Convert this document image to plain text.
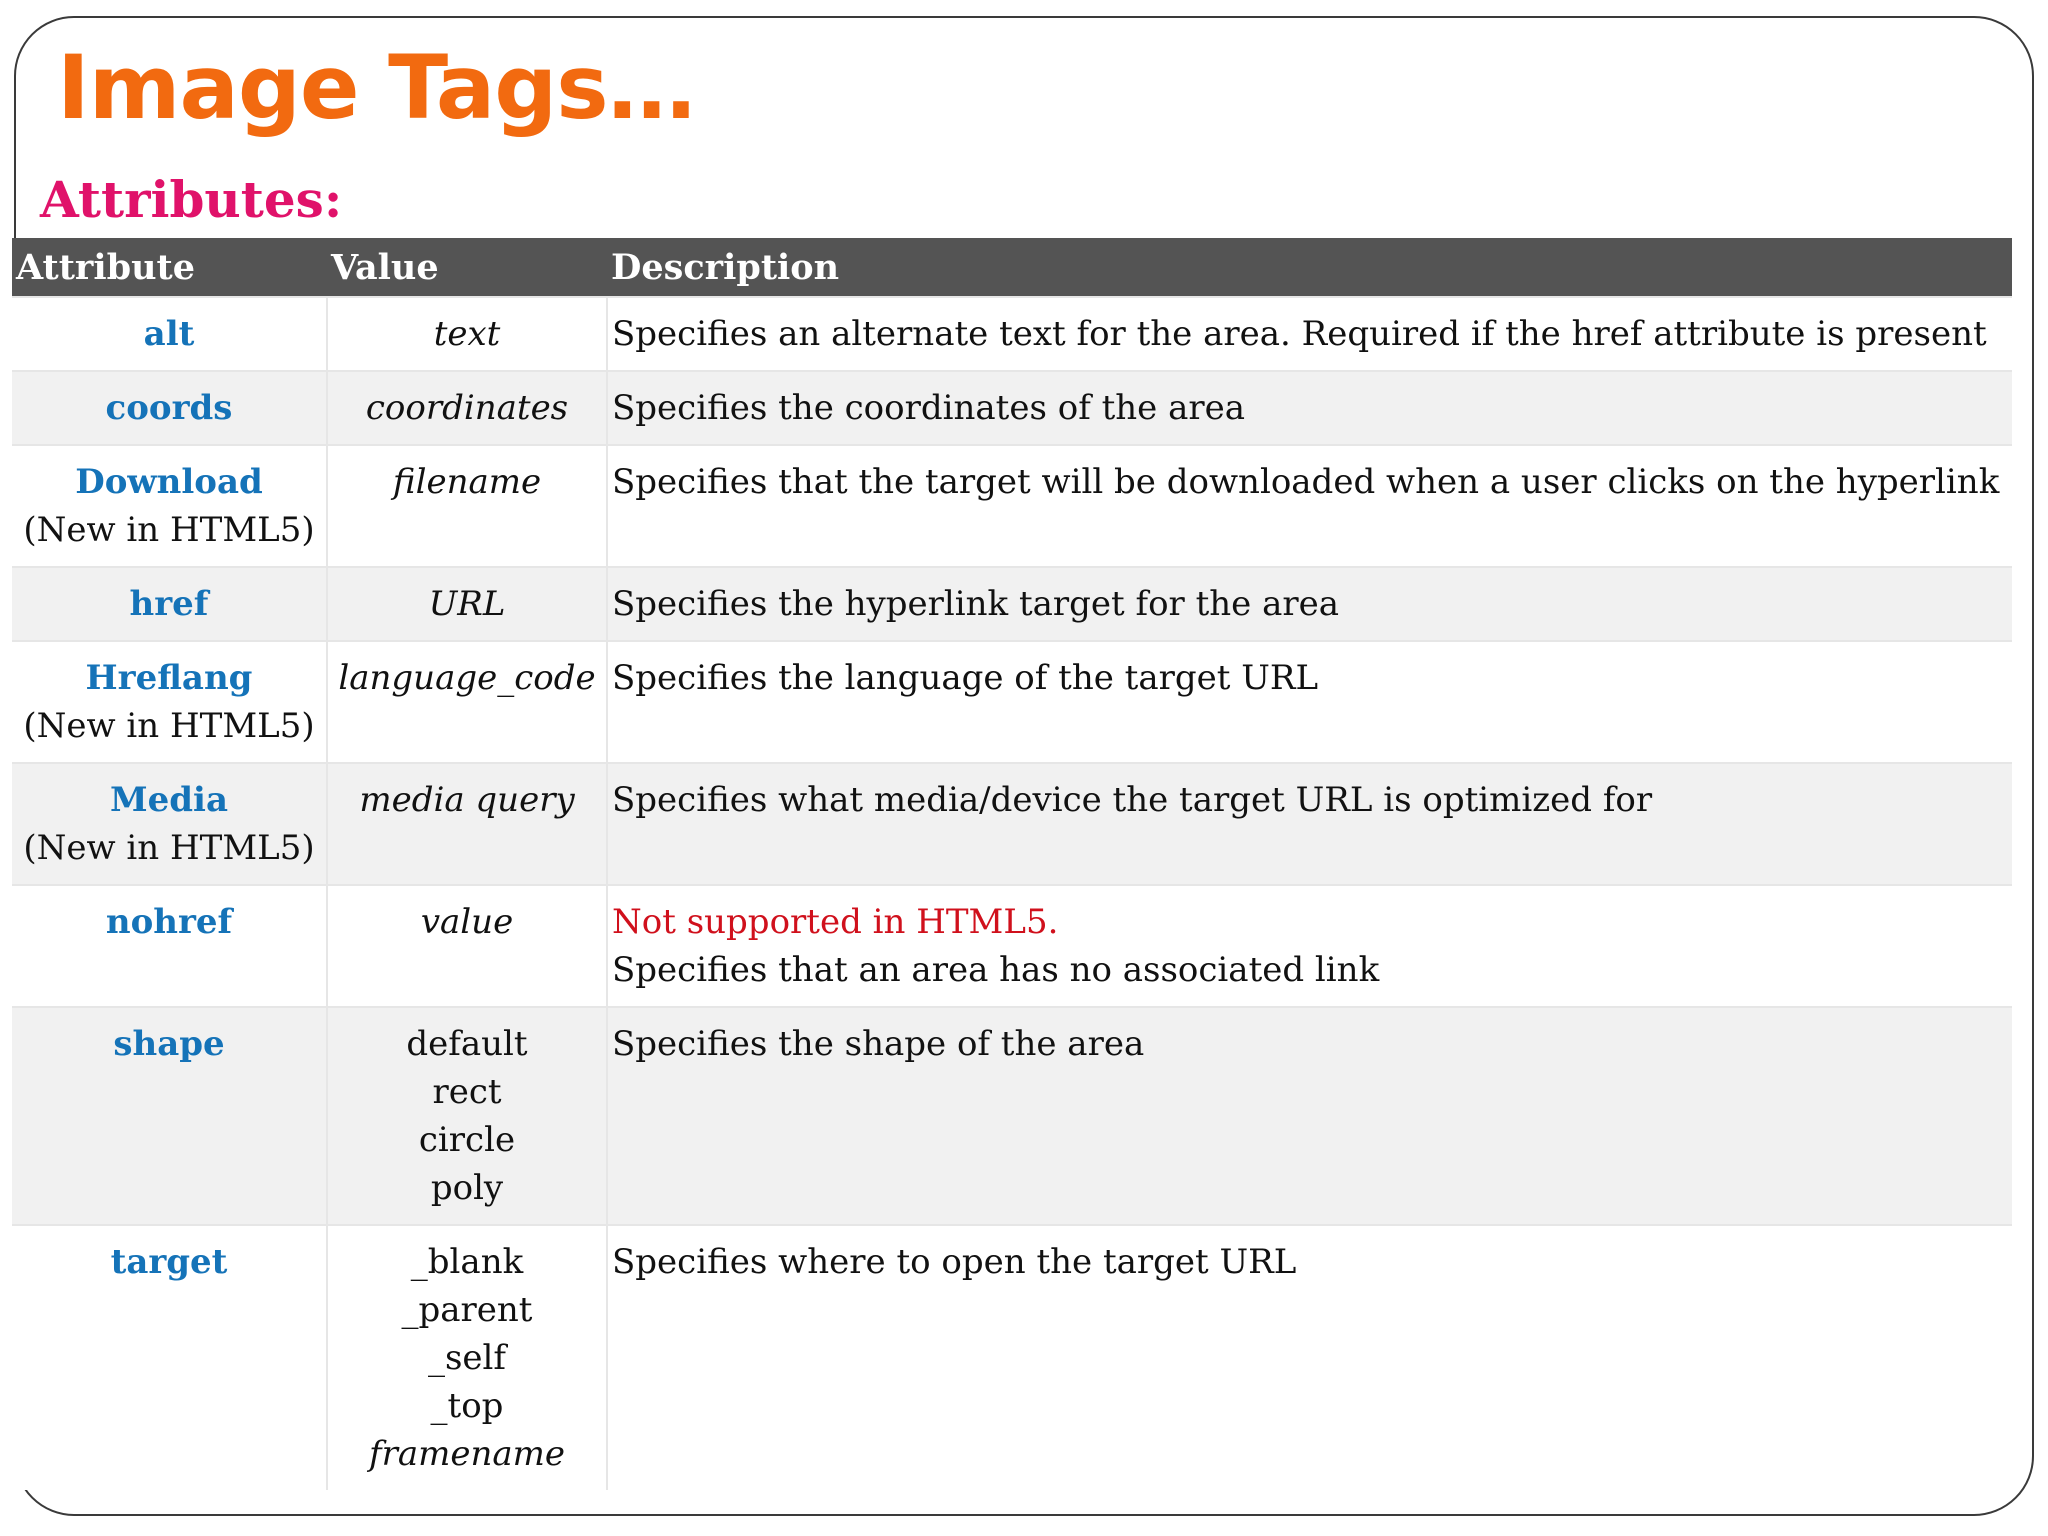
Image Tags…
Attributes:
Attribute	Value	Description

alt	text	Specifies an alternate text for the area. Required if the href attribute is present

coords	coordinates	Specifies the coordinates of the area

Download
(New in HTML5)	filename	Specifies that the target will be downloaded when a user clicks on the hyperlink

href	URL	Specifies the hyperlink target for the area

Hreflang
(New in HTML5)	language_code	Specifies the language of the target URL

Media
(New in HTML5)	media query	Specifies what media/device the target URL is optimized for

nohref	value	Not supported in HTML5.
Specifies that an area has no associated link

shape	default
rect
circle
poly	Specifies the shape of the area

target	_blank
_parent
_self
_top
framename	Specifies where to open the target URL
